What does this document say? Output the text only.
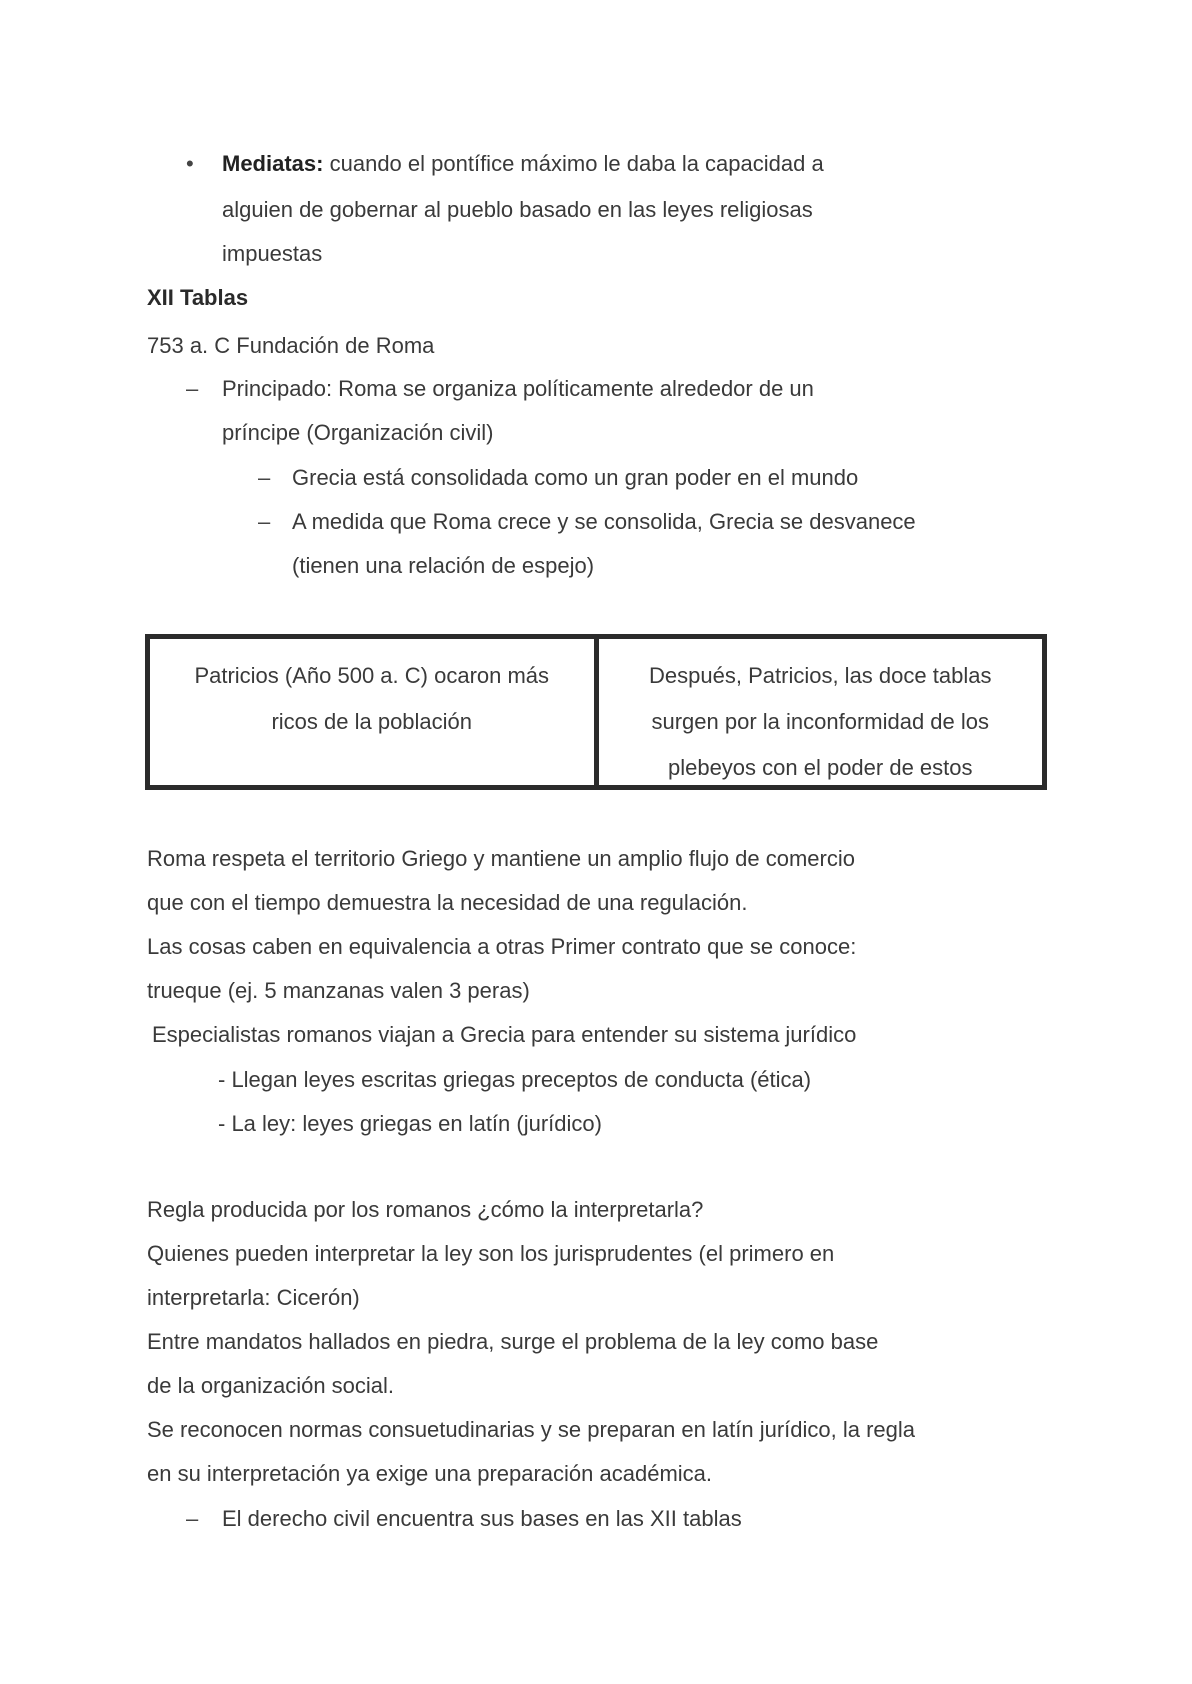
• Mediatas: cuando el pontífice máximo le daba la capacidad a
alguien de gobernar al pueblo basado en las leyes religiosas
impuestas
XII Tablas
753 a. C Fundación de Roma
– Principado: Roma se organiza políticamente alrededor de un
príncipe (Organización civil)
– Grecia está consolidada como un gran poder en el mundo
– A medida que Roma crece y se consolida, Grecia se desvanece
(tienen una relación de espejo)
Patricios (Año 500 a. C) ocaron más
ricos de la población
Después, Patricios, las doce tablas
surgen por la inconformidad de los
plebeyos con el poder de estos
Roma respeta el territorio Griego y mantiene un amplio flujo de comercio
que con el tiempo demuestra la necesidad de una regulación.
Las cosas caben en equivalencia a otras Primer contrato que se conoce:
trueque (ej. 5 manzanas valen 3 peras)
Especialistas romanos viajan a Grecia para entender su sistema jurídico
- Llegan leyes escritas griegas preceptos de conducta (ética)
- La ley: leyes griegas en latín (jurídico)
Regla producida por los romanos ¿cómo la interpretarla?
Quienes pueden interpretar la ley son los jurisprudentes (el primero en
interpretarla: Cicerón)
Entre mandatos hallados en piedra, surge el problema de la ley como base
de la organización social.
Se reconocen normas consuetudinarias y se preparan en latín jurídico, la regla
en su interpretación ya exige una preparación académica.
– El derecho civil encuentra sus bases en las XII tablas
